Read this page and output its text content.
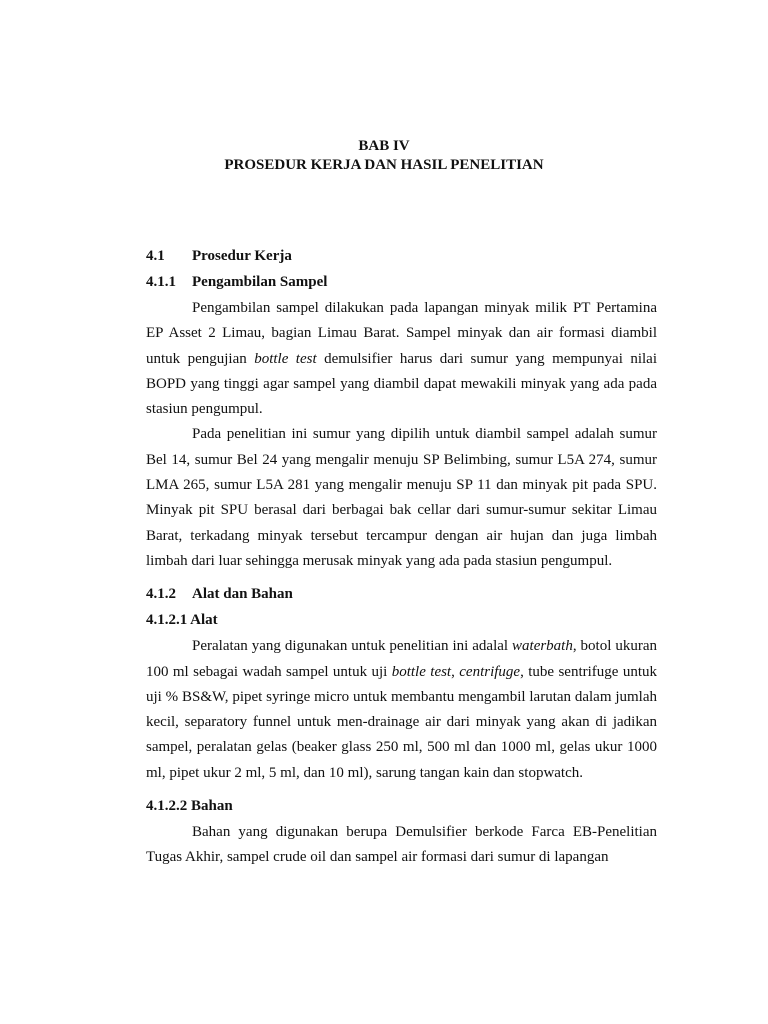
BAB IV
PROSEDUR KERJA DAN HASIL PENELITIAN
4.1 Prosedur Kerja
4.1.1 Pengambilan Sampel

Pengambilan sampel dilakukan pada lapangan minyak milik PT Pertamina EP Asset 2 Limau, bagian Limau Barat. Sampel minyak dan air formasi diambil untuk pengujian bottle test demulsifier harus dari sumur yang mempunyai nilai BOPD yang tinggi agar sampel yang diambil dapat mewakili minyak yang ada pada stasiun pengumpul.

Pada penelitian ini sumur yang dipilih untuk diambil sampel adalah sumur Bel 14, sumur Bel 24 yang mengalir menuju SP Belimbing, sumur L5A 274, sumur LMA 265, sumur L5A 281 yang mengalir menuju SP 11 dan minyak pit pada SPU. Minyak pit SPU berasal dari berbagai bak cellar dari sumur-sumur sekitar Limau Barat, terkadang minyak tersebut tercampur dengan air hujan dan juga limbah limbah dari luar sehingga merusak minyak yang ada pada stasiun pengumpul.

4.1.2 Alat dan Bahan
4.1.2.1 Alat

Peralatan yang digunakan untuk penelitian ini adalal waterbath, botol ukuran 100 ml sebagai wadah sampel untuk uji bottle test, centrifuge, tube sentrifuge untuk uji % BS&W, pipet syringe micro untuk membantu mengambil larutan dalam jumlah kecil, separatory funnel untuk men-drainage air dari minyak yang akan di jadikan sampel, peralatan gelas (beaker glass 250 ml, 500 ml dan 1000 ml, gelas ukur 1000 ml, pipet ukur 2 ml, 5 ml, dan 10 ml), sarung tangan kain dan stopwatch.

4.1.2.2 Bahan

Bahan yang digunakan berupa Demulsifier berkode Farca EB-Penelitian Tugas Akhir, sampel crude oil dan sampel air formasi dari sumur di lapangan
